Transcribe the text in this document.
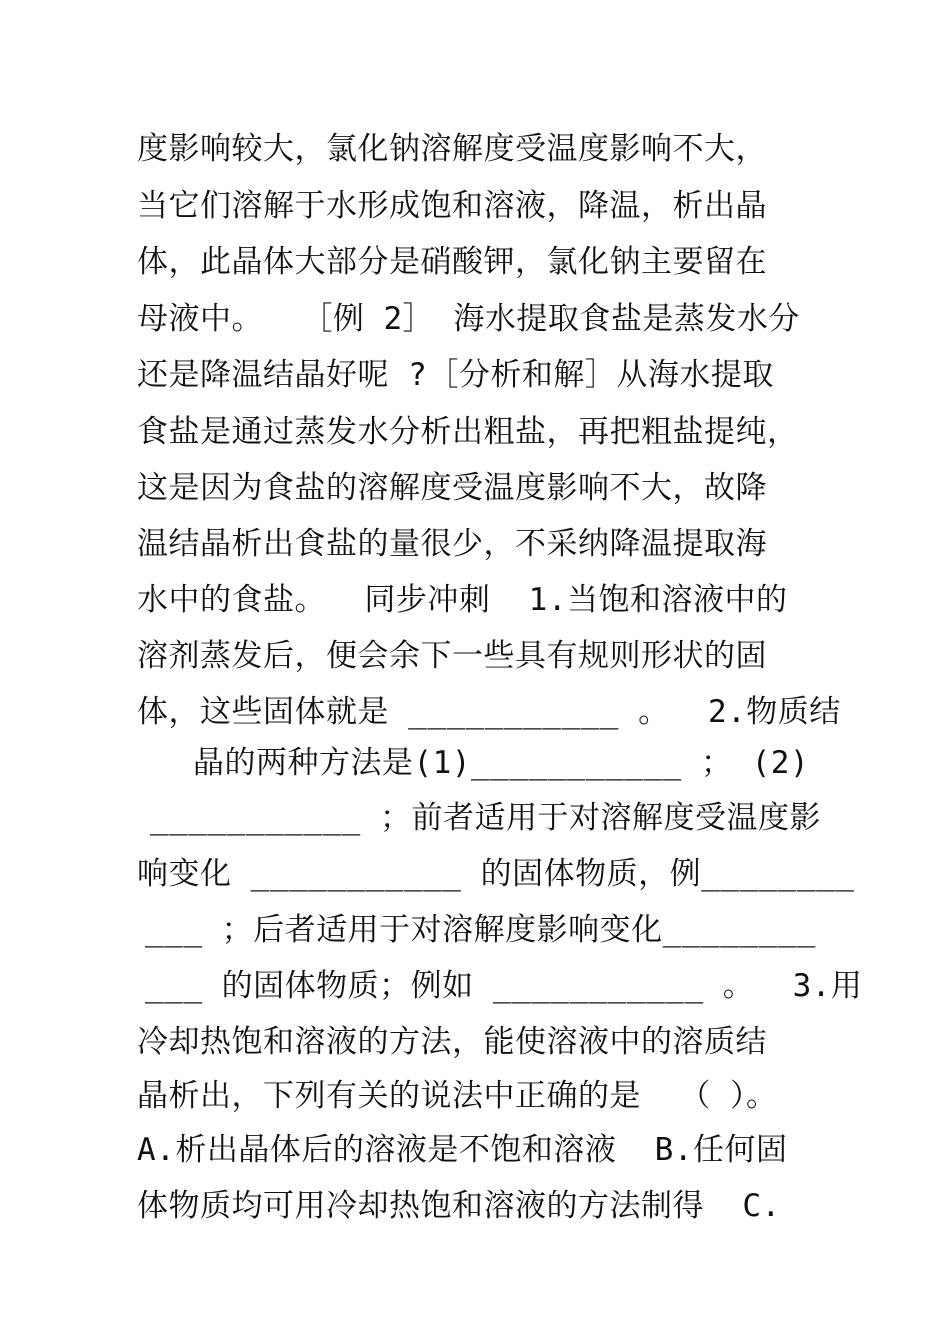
度影响较大，氯化钠溶解度受温度影响不大，
当它们溶解于水形成饱和溶液，降温，析出晶
体，此晶体大部分是硝酸钾，氯化钠主要留在
母液中。  ［例 2］ 海水提取食盐是蒸发水分
还是降温结晶好呢 ?［分析和解］从海水提取
食盐是通过蒸发水分析出粗盐，再把粗盐提纯，
这是因为食盐的溶解度受温度影响不大，故降
温结晶析出食盐的量很少，不采纳降温提取海
水中的食盐。  同步冲刺  1.当饱和溶液中的
溶剂蒸发后，便会余下一些具有规则形状的固
体，这些固体就是 ___________ 。  2.物质结
晶的两种方法是(1)___________ ； (2)
___________ ；前者适用于对溶解度受温度影
响变化 ___________ 的固体物质，例________
___ ；后者适用于对溶解度影响变化________
___ 的固体物质；例如 ___________ 。  3.用
冷却热饱和溶液的方法，能使溶液中的溶质结
晶析出，下列有关的说法中正确的是  （ ）。
A.析出晶体后的溶液是不饱和溶液  B.任何固
体物质均可用冷却热饱和溶液的方法制得  C.
